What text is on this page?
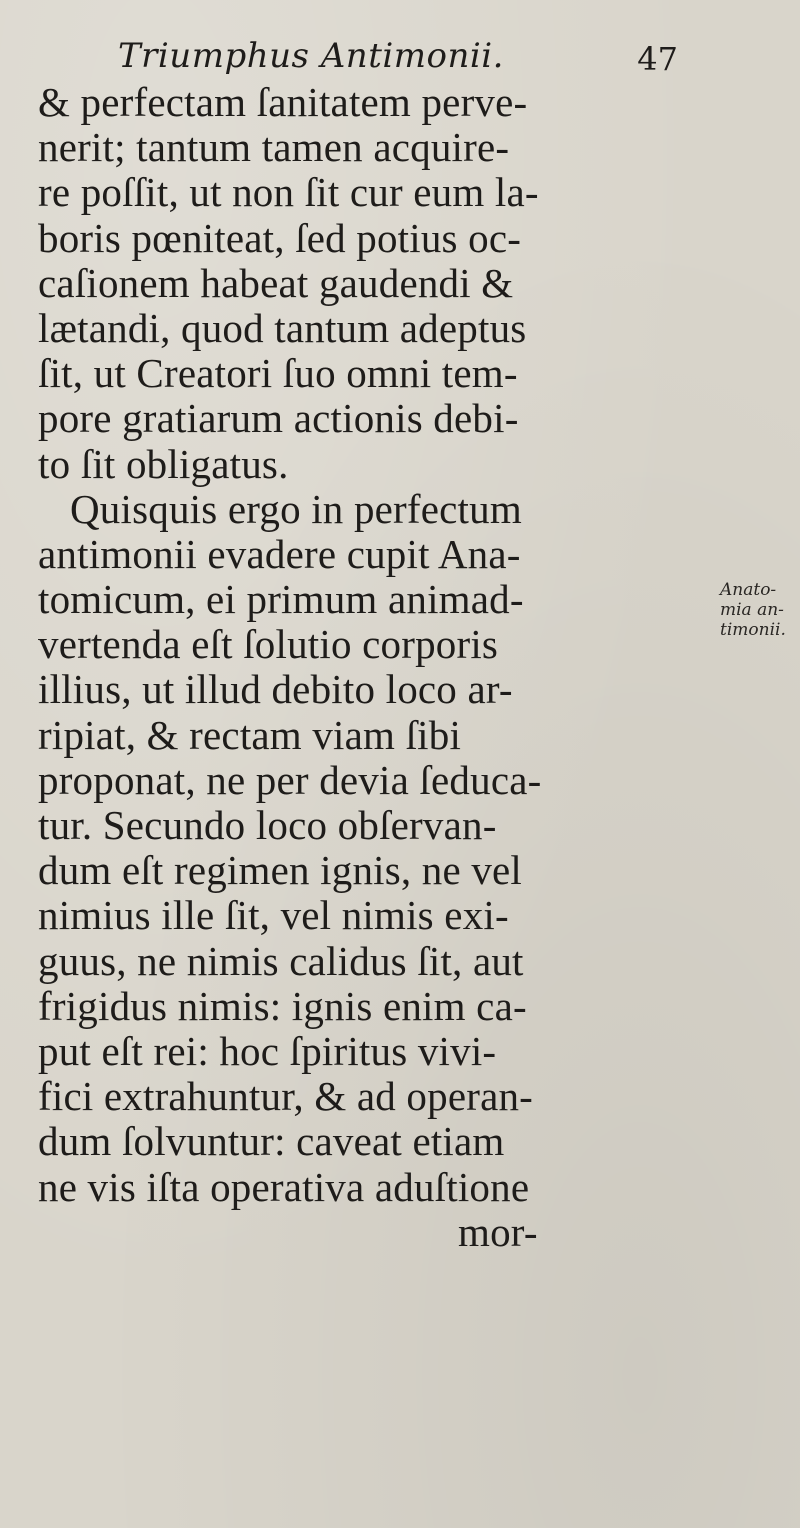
Triumphus Antimonii.	47
& perfectam ſanitatem perve-
nerit; tantum tamen acquire-
re poſſit, ut non ſit cur eum la-
boris pœniteat, ſed potius oc-
caſionem habeat gaudendi &
lætandi, quod tantum adeptus
ſit, ut Creatori ſuo omni tem-
pore gratiarum actionis debi-
to ſit obligatus.
Quisquis ergo in perfectum
antimonii evadere cupit Ana-
tomicum, ei primum animad-
vertenda eſt ſolutio corporis
illius, ut illud debito loco ar-
ripiat, & rectam viam ſibi
proponat, ne per devia ſeduca-
tur. Secundo loco obſervan-
dum eſt regimen ignis, ne vel
nimius ille ſit, vel nimis exi-
guus, ne nimis calidus ſit, aut
frigidus nimis: ignis enim ca-
put eſt rei: hoc ſpiritus vivi-
fici extrahuntur, & ad operan-
dum ſolvuntur: caveat etiam
ne vis iſta operativa aduſtione
mor-
Anato-
mia an-
timonii.
